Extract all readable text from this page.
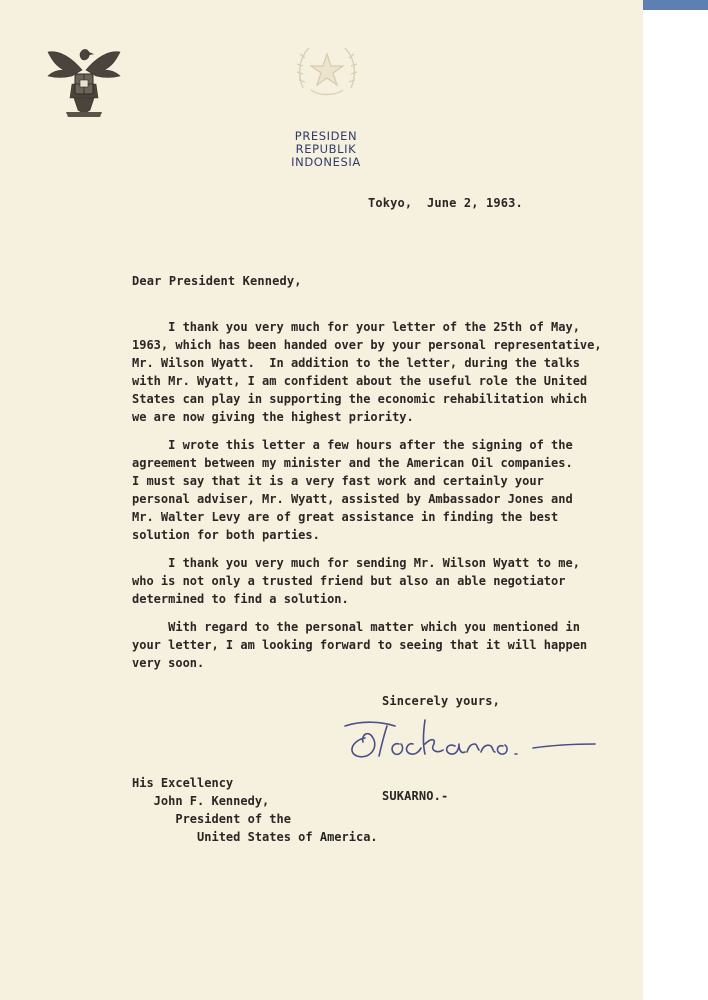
PRESIDEN
REPUBLIK INDONESIA
Tokyo,  June 2, 1963.
Dear President Kennedy,
I thank you very much for your letter of the 25th of May,
1963, which has been handed over by your personal representative,
Mr. Wilson Wyatt.  In addition to the letter, during the talks
with Mr. Wyatt, I am confident about the useful role the United
States can play in supporting the economic rehabilitation which
we are now giving the highest priority.
I wrote this letter a few hours after the signing of the
agreement between my minister and the American Oil companies.
I must say that it is a very fast work and certainly your
personal adviser, Mr. Wyatt, assisted by Ambassador Jones and
Mr. Walter Levy are of great assistance in finding the best
solution for both parties.
I thank you very much for sending Mr. Wilson Wyatt to me,
who is not only a trusted friend but also an able negotiator
determined to find a solution.
With regard to the personal matter which you mentioned in
your letter, I am looking forward to seeing that it will happen
very soon.
Sincerely yours,
SUKARNO.-
His Excellency
John F. Kennedy,
President of the
United States of America.
